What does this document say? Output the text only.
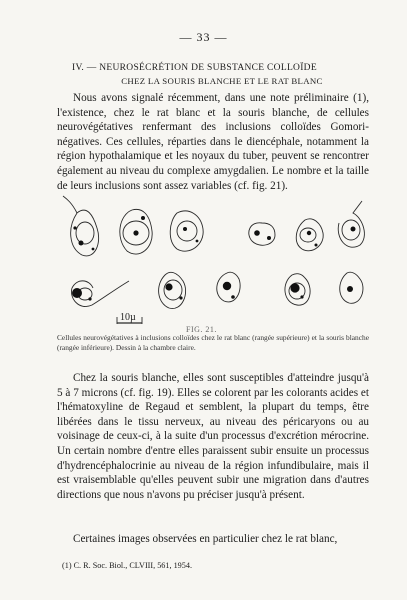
— 33 —
IV. — NEUROSÉCRÉTION DE SUBSTANCE COLLOÏDE
CHEZ LA SOURIS BLANCHE ET LE RAT BLANC
Nous avons signalé récemment, dans une note préliminaire (1), l'existence, chez le rat blanc et la souris blanche, de cellules neurovégétatives renfermant des inclusions colloïdes Gomori-négatives. Ces cellules, réparties dans le diencéphale, notamment la région hypothalamique et les noyaux du tuber, peuvent se rencontrer également au niveau du complexe amygdalien. Le nombre et la taille de leurs inclusions sont assez variables (cf. fig. 21).
10µ
FIG. 21.
Cellules neurovégétatives à inclusions colloïdes chez le rat blanc (rangée supérieure) et la souris blanche (rangée inférieure). Dessin à la chambre claire.
Chez la souris blanche, elles sont susceptibles d'atteindre jusqu'à 5 à 7 microns (cf. fig. 19). Elles se colorent par les colorants acides et l'hématoxyline de Regaud et semblent, la plupart du temps, être libérées dans le tissu nerveux, au niveau des péricaryons ou au voisinage de ceux-ci, à la suite d'un processus d'excrétion mérocrine. Un certain nombre d'entre elles paraissent subir ensuite un processus d'hydrencéphalocrinie au niveau de la région infundibulaire, mais il est vraisemblable qu'elles peuvent subir une migration dans d'autres directions que nous n'avons pu préciser jusqu'à présent.
Certaines images observées en particulier chez le rat blanc,
(1) C. R. Soc. Biol., CLVIII, 561, 1954.
